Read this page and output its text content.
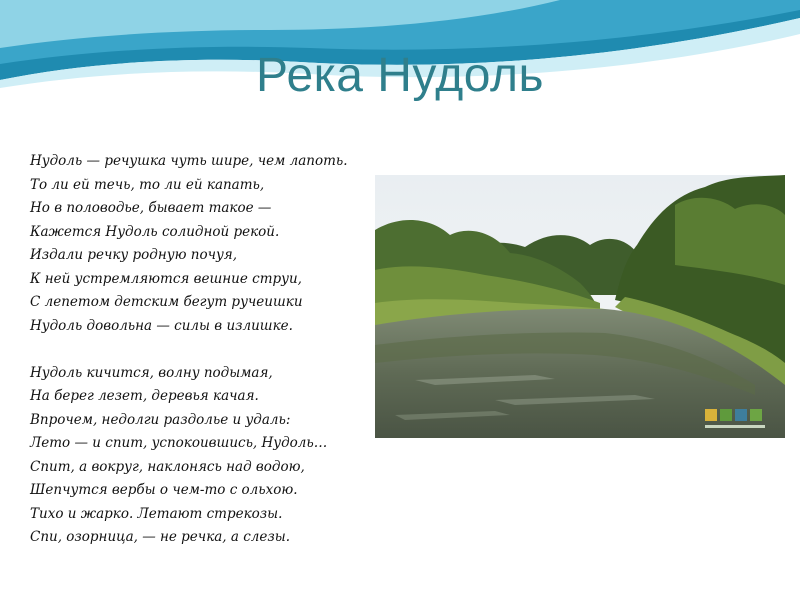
Река Нудоль
Нудоль — речушка чуть шире, чем лапоть.
То ли ей течь, то ли ей капать,
Но в половодье, бывает такое —
Кажется Нудоль солидной рекой.
Издали речку родную почуя,
К ней устремляются вешние струи,
С лепетом детским бегут ручеишки
Нудоль довольна — силы в излишке.
Нудоль кичится, волну подымая,
На берег лезет, деревья качая.
Впрочем, недолги раздолье и удаль:
Лето — и спит, успокоившись, Нудоль…
Спит, а вокруг, наклонясь над водою,
Шепчутся вербы о чем-то с ольхою.
Тихо и жарко. Летают стрекозы.
Спи, озорница, — не речка, а слезы.
